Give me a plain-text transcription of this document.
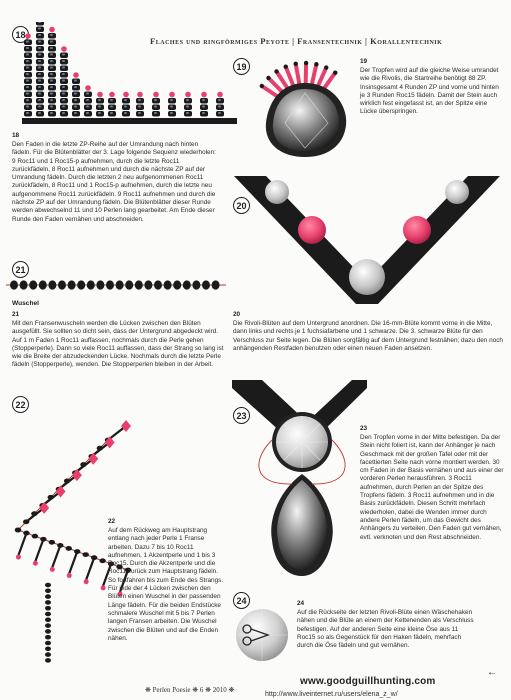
Flaches und ringförmiges Peyote | Fransentechnik | Korallentechnik
18
18
Den Faden in die letzte ZP-Reihe auf der Umrandung nach hinten fädeln. Für die Blütenblätter der 3. Lage folgende Sequenz wiederholen: 9 Roc11 und 1 Roc15-p aufnehmen, durch die letzte Roc11 zurückfädeln, 8 Roc11 aufnehmen und durch die nächste ZP auf der Umrandung fädeln. Durch die letzten 2 neu aufgenommenen Roc11 zurückfädeln, 8 Roc11 und 1 Roc15-p aufnehmen, durch die letzte neu aufgenommene Roc11 zurückfädeln. 9 Roc11 aufnehmen und durch die nächste ZP auf der Umrandung fädeln. Die Blütenblätter dieser Runde werden abwechselnd 11 und 10 Perlen lang gearbeitet. Am Ende dieser Runde den Faden vernähen und abschneiden.
19	19
Der Tropfen wird auf die gleiche Weise umrandet wie die Rivolis, die Startreihe benötigt 88 ZP. Insinsgesamt 4 Runden ZP und vorne und hinten je 3 Runden Roc15 fädeln. Damit der Stein auch wirklich fest eingefasst ist, an der Spitze eine Lücke überspringen.
20
20
Die Rivoli-Blüten auf dem Untergrund anordnen. Die 16-mm-Blüte kommt vorne in die Mitte, dann links und rechts je 1 fuchsiafarbene und 1 schwarze. Die 3. schwarze Blüte für den Verschluss zur Seite legen. Die Blüten sorgfältig auf dem Untergrund festnähen; dazu den noch anhängenden Restfaden benutzen oder einen neuen Faden ansetzen.
21
Wuschel
21
Mit den Fransenwuscheln werden die Lücken zwischen den Blüten ausgefüllt. Sie sollten so dicht sein, dass der Untergrund abgedeckt wird. Auf 1 m Faden 1 Roc11 auffassen, nochmals durch die Perle gehen (Stopperperle). Dann so viele Roc11 auffassen, dass der Strang so lang ist wie die Breite der abzudeckenden Lücke. Nochmals durch die letzte Perle fädeln (Stopperperle), wenden. Die Stopperperlen bleiben in der Arbeit.
22
22
Auf dem Rückweg am Hauptstrang entlang nach jeder Perle 1 Franse arbeiten. Dazu 7 bis 10 Roc11 aufnehmen, 1 Akzentperle und 1 bis 3 Roc15. Durch die Akzentperle und die Roc11 zurück zum Hauptstrang fädeln. So fortfahren bis zum Ende des Strangs. Für jede der 4 Lücken zwischen den Blüten einen Wuschel in der passenden Länge fädeln. Für die beiden Endstücke schmalere Wuschel mit 5 bis 7 Perlen langen Fransen arbeiten. Die Wuschel zwischen die Blüten und auf die Enden nähen.
23
23
Den Tropfen vorne in der Mitte befestigen. Da der Stein nicht foliert ist, kann der Anhänger je nach Geschmack mit der großen Tafel oder mit der facettierten Seite nach vorne montiert werden. 30 cm Faden in der Basis vernähen und aus einer der vorderen Perlen herausführen. 3 Roc11 aufnehmen, durch Perlen an der Spitze des Tropfens fädeln. 3 Roc11 aufnehmen und in die Basis zurückfädeln. Diesen Schritt mehrfach wiederholen, dabei die Wenden immer durch andere Perlen fädeln, um das Gewicht des Anhängers zu verteilen. Den Faden gut vernähen, evtl. verknoten und den Rest abschneiden.
24	24
Auf die Rückseite der letzten Rivoli-Blüte einen Wäschehaken nähen und die Blüte an einem der Kettenenden als Verschluss befestigen. Auf der anderen Seite eine kleine Öse aus 11 Roc15 so als Gegenstück für den Haken fädeln, mehrfach durch die Öse fädeln und gut vernähen.
←
❋ Perlen Poesie ❋ 6 ❋ 2010 ❋
www.goodguillhunting.com
http://www.liveinternet.ru/users/elena_z_w/
